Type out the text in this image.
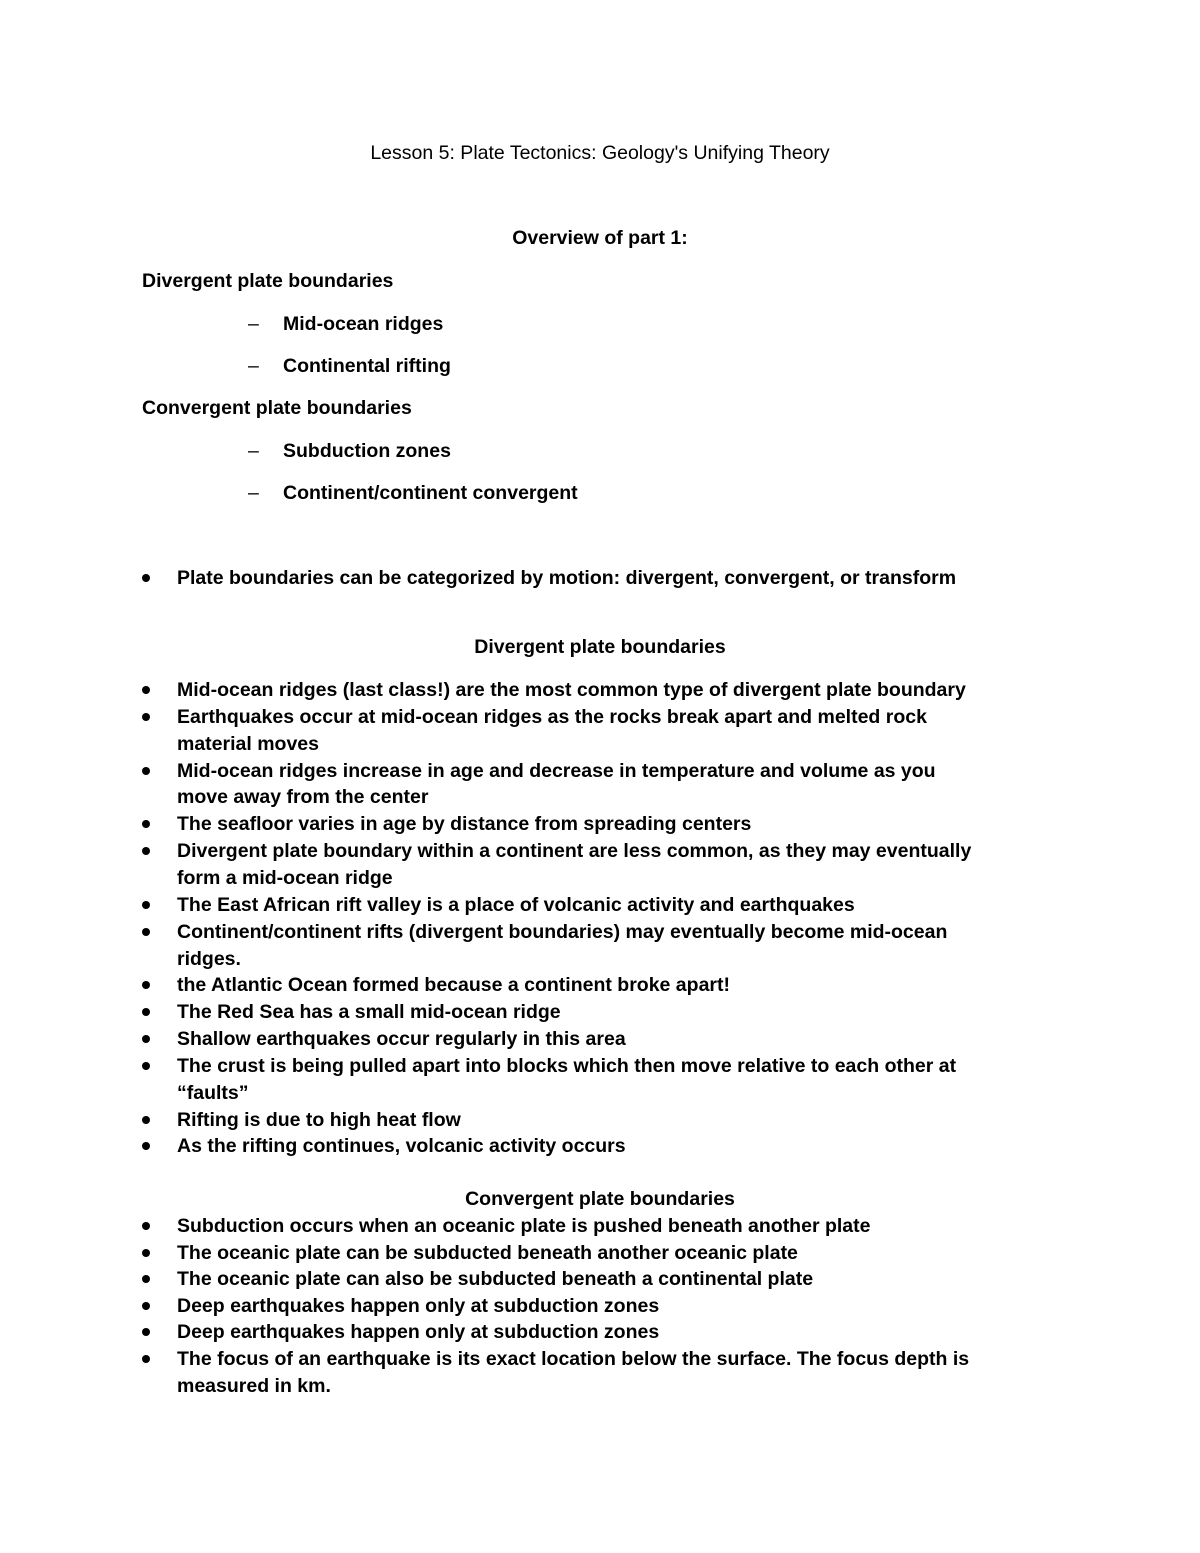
Lesson 5: Plate Tectonics: Geology's Unifying Theory
Overview of part 1:
Divergent plate boundaries
– Mid-ocean ridges
– Continental rifting
Convergent plate boundaries
– Subduction zones
– Continent/continent convergent
Plate boundaries can be categorized by motion: divergent, convergent, or transform
Divergent plate boundaries
Mid-ocean ridges (last class!) are the most common type of divergent plate boundary
Earthquakes occur at mid-ocean ridges as the rocks break apart and melted rock
material moves
Mid-ocean ridges increase in age and decrease in temperature and volume as you
move away from the center
The seafloor varies in age by distance from spreading centers
Divergent plate boundary within a continent are less common, as they may eventually
form a mid-ocean ridge
The East African rift valley is a place of volcanic activity and earthquakes
Continent/continent rifts (divergent boundaries) may eventually become mid-ocean
ridges.
the Atlantic Ocean formed because a continent broke apart!
The Red Sea has a small mid-ocean ridge
Shallow earthquakes occur regularly in this area
The crust is being pulled apart into blocks which then move relative to each other at
“faults”
Rifting is due to high heat flow
As the rifting continues, volcanic activity occurs
Convergent plate boundaries
Subduction occurs when an oceanic plate is pushed beneath another plate
The oceanic plate can be subducted beneath another oceanic plate
The oceanic plate can also be subducted beneath a continental plate
Deep earthquakes happen only at subduction zones
Deep earthquakes happen only at subduction zones
The focus of an earthquake is its exact location below the surface. The focus depth is
measured in km.
